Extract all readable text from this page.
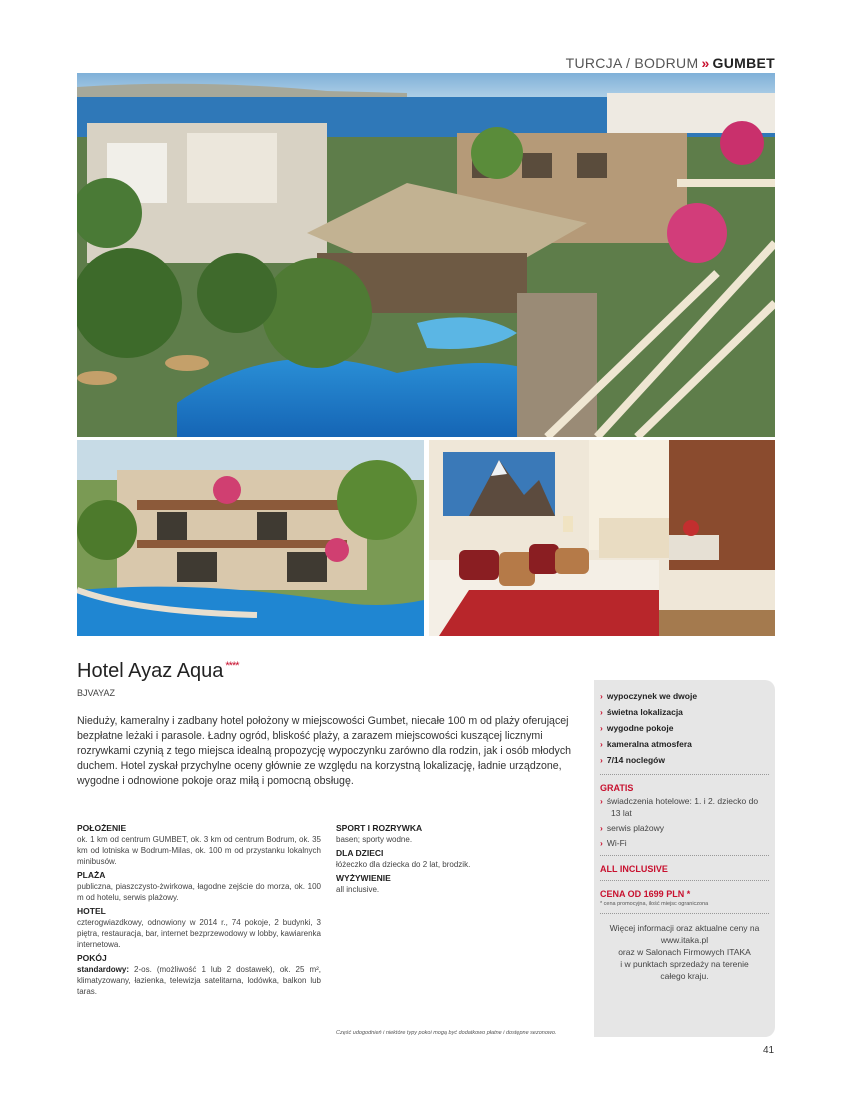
TURCJA / BODRUM » GUMBET
Hotel Ayaz Aqua ****
BJVAYAZ

Nieduży, kameralny i zadbany hotel położony w miejscowości Gumbet, niecałe 100 m od plaży oferującej bezpłatne leżaki i parasole. Ładny ogród, bliskość plaży, a zarazem miejscowości kuszącej licznymi rozrywkami czynią z tego miejsca idealną propozycję wypoczynku zarówno dla rodzin, jak i osób młodych duchem. Hotel zyskał przychylne oceny głównie ze względu na korzystną lokalizację, ładnie urządzone, wygodne i odnowione pokoje oraz miłą i pomocną obsługę.

POŁOŻENIE
ok. 1 km od centrum GUMBET, ok. 3 km od centrum Bodrum, ok. 35 km od lotniska w Bodrum-Milas, ok. 100 m od przystanku lokalnych minibusów.
PLAŻA
publiczna, piaszczysto-żwirkowa, łagodne zejście do morza, ok. 100 m od hotelu, serwis plażowy.
HOTEL
czterogwiazdkowy, odnowiony w 2014 r., 74 pokoje, 2 budynki, 3 piętra, restauracja, bar, internet bezprzewodowy w lobby, kawiarenka internetowa.
POKÓJ
standardowy: 2-os. (możliwość 1 lub 2 dostawek), ok. 25 m², klimatyzowany, łazienka, telewizja satelitarna, lodówka, balkon lub taras.
SPORT I ROZRYWKA
basen; sporty wodne.
DLA DZIECI
łóżeczko dla dziecka do 2 lat, brodzik.
WYŻYWIENIE
all inclusive.
Część udogodnień i niektóre typy pokoi mogą być dodatkowo płatne i dostępne sezonowo.
› wypoczynek we dwoje
› świetna lokalizacja
› wygodne pokoje
› kameralna atmosfera
› 7/14 noclegów
GRATIS
› świadczenia hotelowe: 1. i 2. dziecko do 13 lat
› serwis plażowy
› Wi-Fi
ALL INCLUSIVE
CENA OD 1699 PLN *
* cena promocyjna, ilość miejsc ograniczona
Więcej informacji oraz aktualne ceny na
www.itaka.pl
oraz w Salonach Firmowych ITAKA
i w punktach sprzedaży na terenie
całego kraju.
41
